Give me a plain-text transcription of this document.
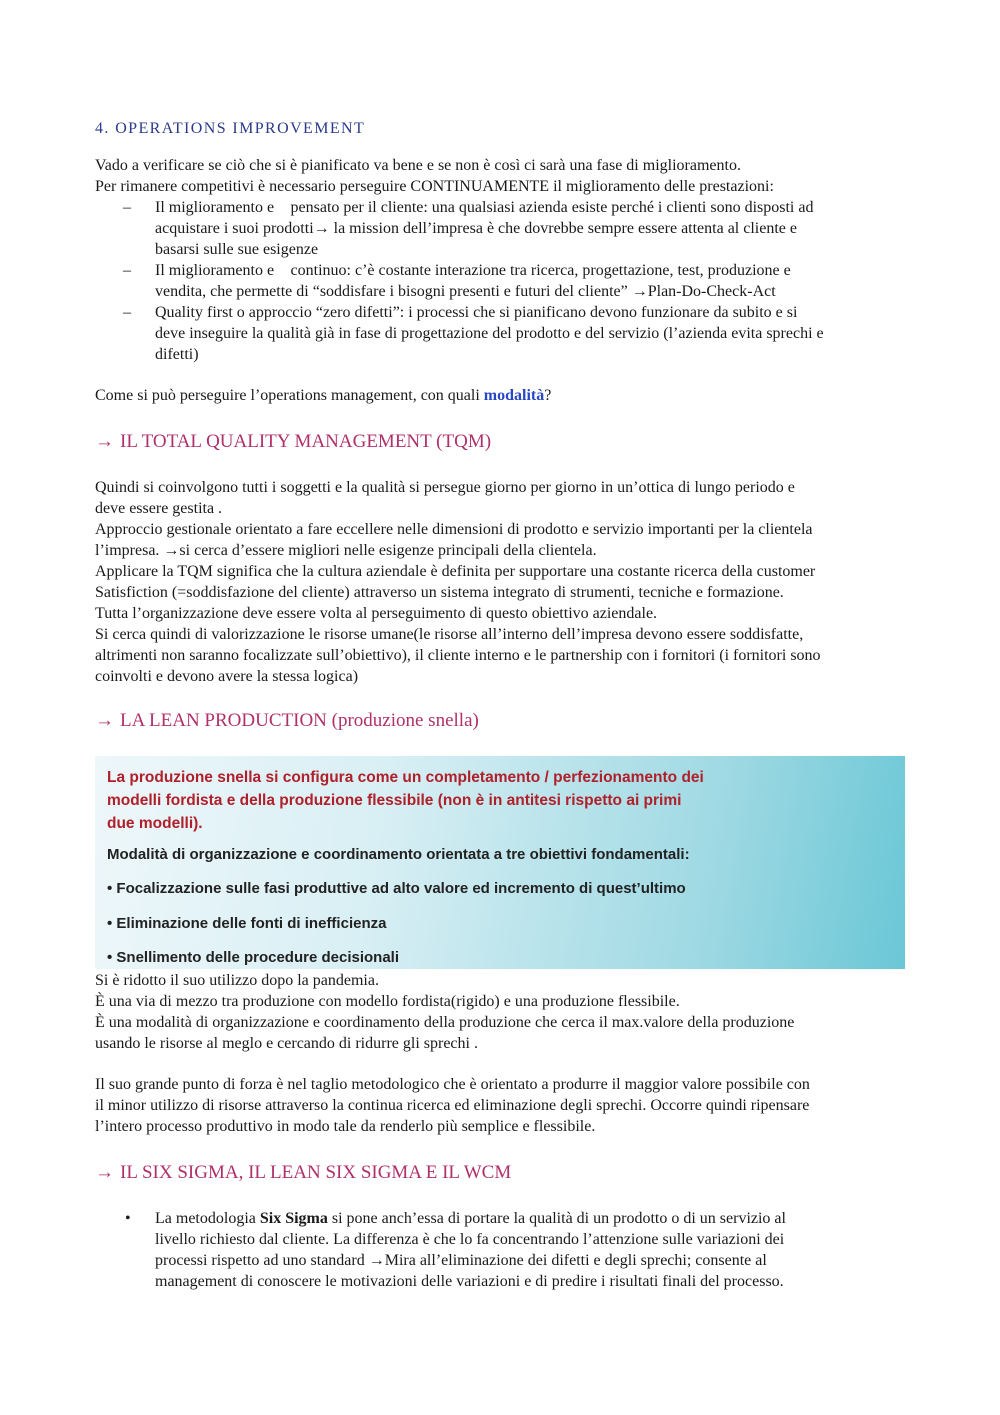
4. OPERATIONS IMPROVEMENT
Vado a verificare se ciò che si è pianificato va bene e se non è così ci sarà una fase di miglioramento.
Per rimanere competitivi è necessario perseguire CONTINUAMENTE il miglioramento delle prestazioni:
– Il miglioramento e pensato per il cliente: una qualsiasi azienda esiste perché i clienti sono disposti ad
acquistare i suoi prodotti→ la mission dell’impresa è che dovrebbe sempre essere attenta al cliente e
basarsi sulle sue esigenze
– Il miglioramento e continuo: c’è costante interazione tra ricerca, progettazione, test, produzione e
vendita, che permette di “soddisfare i bisogni presenti e futuri del cliente” →Plan-Do-Check-Act
– Quality first o approccio “zero difetti”: i processi che si pianificano devono funzionare da subito e si
deve inseguire la qualità già in fase di progettazione del prodotto e del servizio (l’azienda evita sprechi e
difetti)
Come si può perseguire l’operations management, con quali modalità?
→ IL TOTAL QUALITY MANAGEMENT (TQM)
Quindi si coinvolgono tutti i soggetti e la qualità si persegue giorno per giorno in un’ottica di lungo periodo e
deve essere gestita .
Approccio gestionale orientato a fare eccellere nelle dimensioni di prodotto e servizio importanti per la clientela
l’impresa. →si cerca d’essere migliori nelle esigenze principali della clientela.
Applicare la TQM significa che la cultura aziendale è definita per supportare una costante ricerca della customer
Satisfiction (=soddisfazione del cliente) attraverso un sistema integrato di strumenti, tecniche e formazione.
Tutta l’organizzazione deve essere volta al perseguimento di questo obiettivo aziendale.
Si cerca quindi di valorizzazione le risorse umane(le risorse all’interno dell’impresa devono essere soddisfatte,
altrimenti non saranno focalizzate sull’obiettivo), il cliente interno e le partnership con i fornitori (i fornitori sono
coinvolti e devono avere la stessa logica)
→ LA LEAN PRODUCTION (produzione snella)
La produzione snella si configura come un completamento / perfezionamento dei
modelli fordista e della produzione flessibile (non è in antitesi rispetto ai primi
due modelli).
Modalità di organizzazione e coordinamento orientata a tre obiettivi fondamentali:
• Focalizzazione sulle fasi produttive ad alto valore ed incremento di quest’ultimo
• Eliminazione delle fonti di inefficienza
• Snellimento delle procedure decisionali
Si è ridotto il suo utilizzo dopo la pandemia.
È una via di mezzo tra produzione con modello fordista(rigido) e una produzione flessibile.
È una modalità di organizzazione e coordinamento della produzione che cerca il max.valore della produzione
usando le risorse al meglo e cercando di ridurre gli sprechi .
Il suo grande punto di forza è nel taglio metodologico che è orientato a produrre il maggior valore possibile con
il minor utilizzo di risorse attraverso la continua ricerca ed eliminazione degli sprechi. Occorre quindi ripensare
l’intero processo produttivo in modo tale da renderlo più semplice e flessibile.
→ IL SIX SIGMA, IL LEAN SIX SIGMA E IL WCM
• La metodologia Six Sigma si pone anch’essa di portare la qualità di un prodotto o di un servizio al
livello richiesto dal cliente. La differenza è che lo fa concentrando l’attenzione sulle variazioni dei
processi rispetto ad uno standard →Mira all’eliminazione dei difetti e degli sprechi; consente al
management di conoscere le motivazioni delle variazioni e di predire i risultati finali del processo.
